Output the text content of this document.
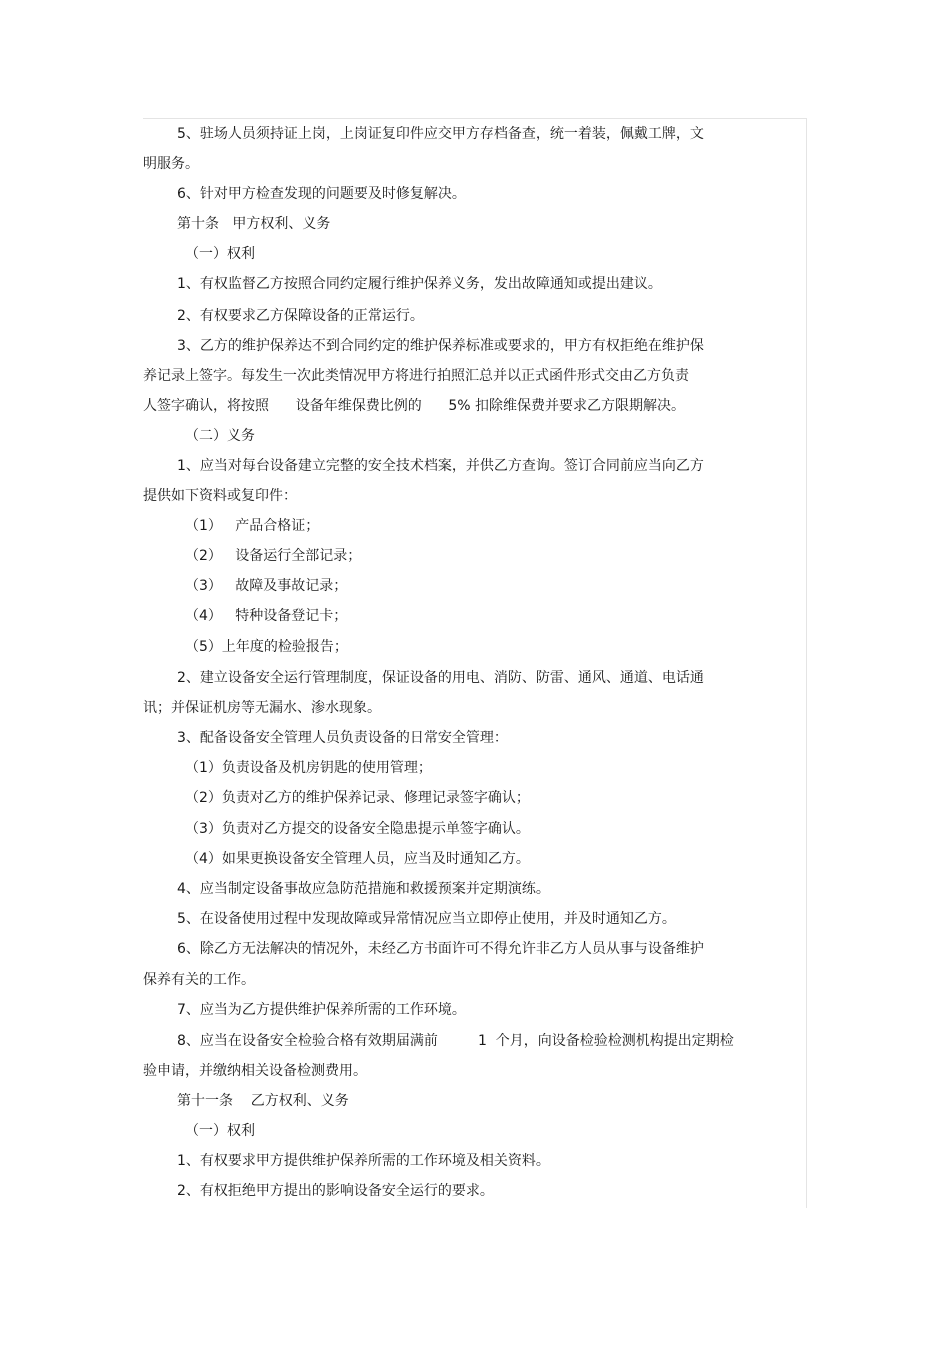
5、驻场人员须持证上岗，上岗证复印件应交甲方存档备查，统一着装，佩戴工牌，文
明服务。
6、针对甲方检查发现的问题要及时修复解决。
第十条   甲方权利、义务
（一）权利
1、有权监督乙方按照合同约定履行维护保养义务，发出故障通知或提出建议。
2、有权要求乙方保障设备的正常运行。
3、乙方的维护保养达不到合同约定的维护保养标准或要求的，甲方有权拒绝在维护保
养记录上签字。每发生一次此类情况甲方将进行拍照汇总并以正式函件形式交由乙方负责
人签字确认，将按照      设备年维保费比例的      5% 扣除维保费并要求乙方限期解决。
（二）义务
1、应当对每台设备建立完整的安全技术档案，并供乙方查询。签订合同前应当向乙方
提供如下资料或复印件：
（1）   产品合格证；
（2）   设备运行全部记录；
（3）   故障及事故记录；
（4）   特种设备登记卡；
（5）上年度的检验报告；
2、建立设备安全运行管理制度，保证设备的用电、消防、防雷、通风、通道、电话通
讯；并保证机房等无漏水、渗水现象。
3、配备设备安全管理人员负责设备的日常安全管理：
（1）负责设备及机房钥匙的使用管理；
（2）负责对乙方的维护保养记录、修理记录签字确认；
（3）负责对乙方提交的设备安全隐患提示单签字确认。
（4）如果更换设备安全管理人员，应当及时通知乙方。
4、应当制定设备事故应急防范措施和救援预案并定期演练。
5、在设备使用过程中发现故障或异常情况应当立即停止使用，并及时通知乙方。
6、除乙方无法解决的情况外，未经乙方书面许可不得允许非乙方人员从事与设备维护
保养有关的工作。
7、应当为乙方提供维护保养所需的工作环境。
8、应当在设备安全检验合格有效期届满前         1  个月，向设备检验检测机构提出定期检
验申请，并缴纳相关设备检测费用。
第十一条    乙方权利、义务
（一）权利
1、有权要求甲方提供维护保养所需的工作环境及相关资料。
2、有权拒绝甲方提出的影响设备安全运行的要求。
